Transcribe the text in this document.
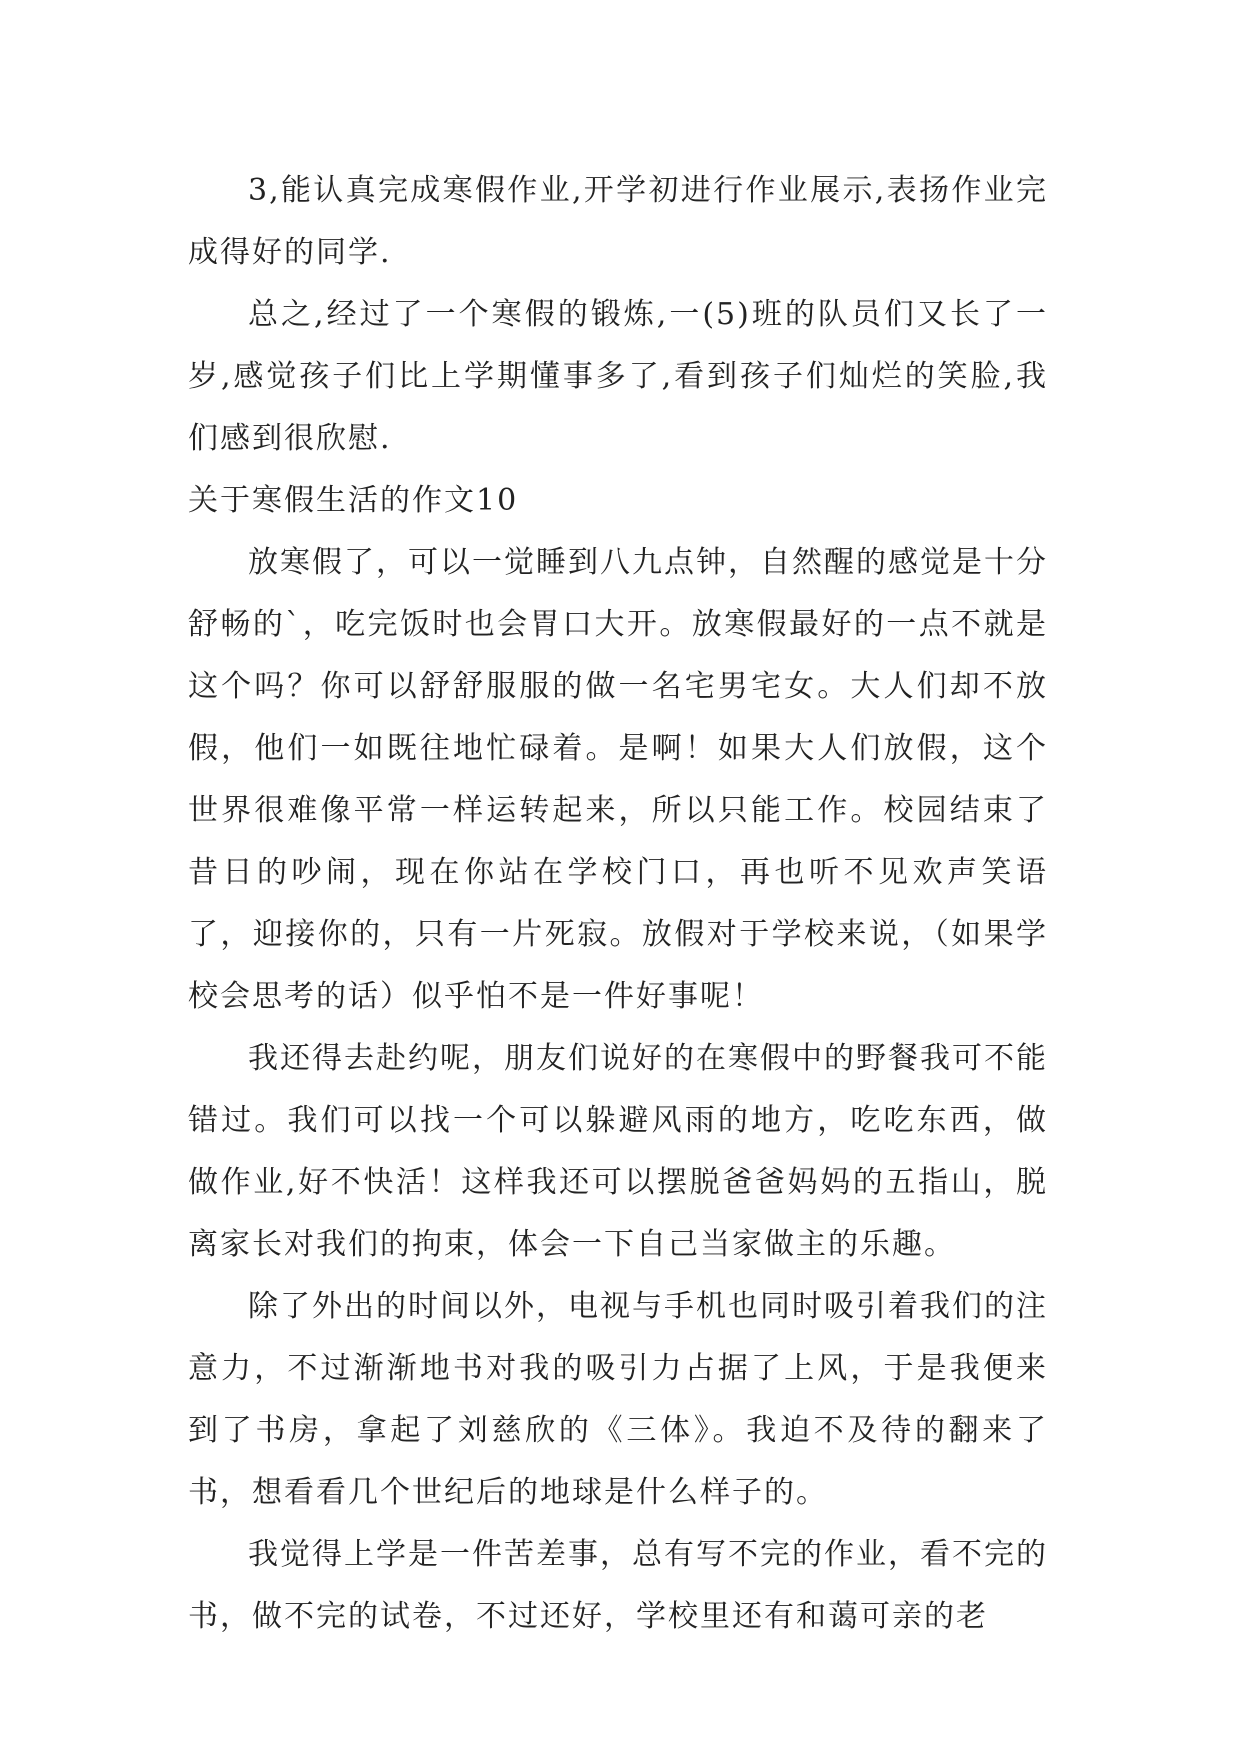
3,能认真完成寒假作业,开学初进行作业展示,表扬作业完成得好的同学.

总之,经过了一个寒假的锻炼,一(5)班的队员们又长了一岁,感觉孩子们比上学期懂事多了,看到孩子们灿烂的笑脸,我们感到很欣慰.

关于寒假生活的作文10

放寒假了，可以一觉睡到八九点钟，自然醒的感觉是十分舒畅的`，吃完饭时也会胃口大开。放寒假最好的一点不就是这个吗？你可以舒舒服服的做一名宅男宅女。大人们却不放假，他们一如既往地忙碌着。是啊！如果大人们放假，这个世界很难像平常一样运转起来，所以只能工作。校园结束了昔日的吵闹，现在你站在学校门口，再也听不见欢声笑语了，迎接你的，只有一片死寂。放假对于学校来说，（如果学校会思考的话）似乎怕不是一件好事呢！

我还得去赴约呢，朋友们说好的在寒假中的野餐我可不能错过。我们可以找一个可以躲避风雨的地方，吃吃东西，做做作业,好不快活！这样我还可以摆脱爸爸妈妈的五指山，脱离家长对我们的拘束，体会一下自己当家做主的乐趣。

除了外出的时间以外，电视与手机也同时吸引着我们的注意力，不过渐渐地书对我的吸引力占据了上风，于是我便来到了书房，拿起了刘慈欣的《三体》。我迫不及待的翻来了书，想看看几个世纪后的地球是什么样子的。

我觉得上学是一件苦差事，总有写不完的作业，看不完的书，做不完的试卷，不过还好，学校里还有和蔼可亲的老
